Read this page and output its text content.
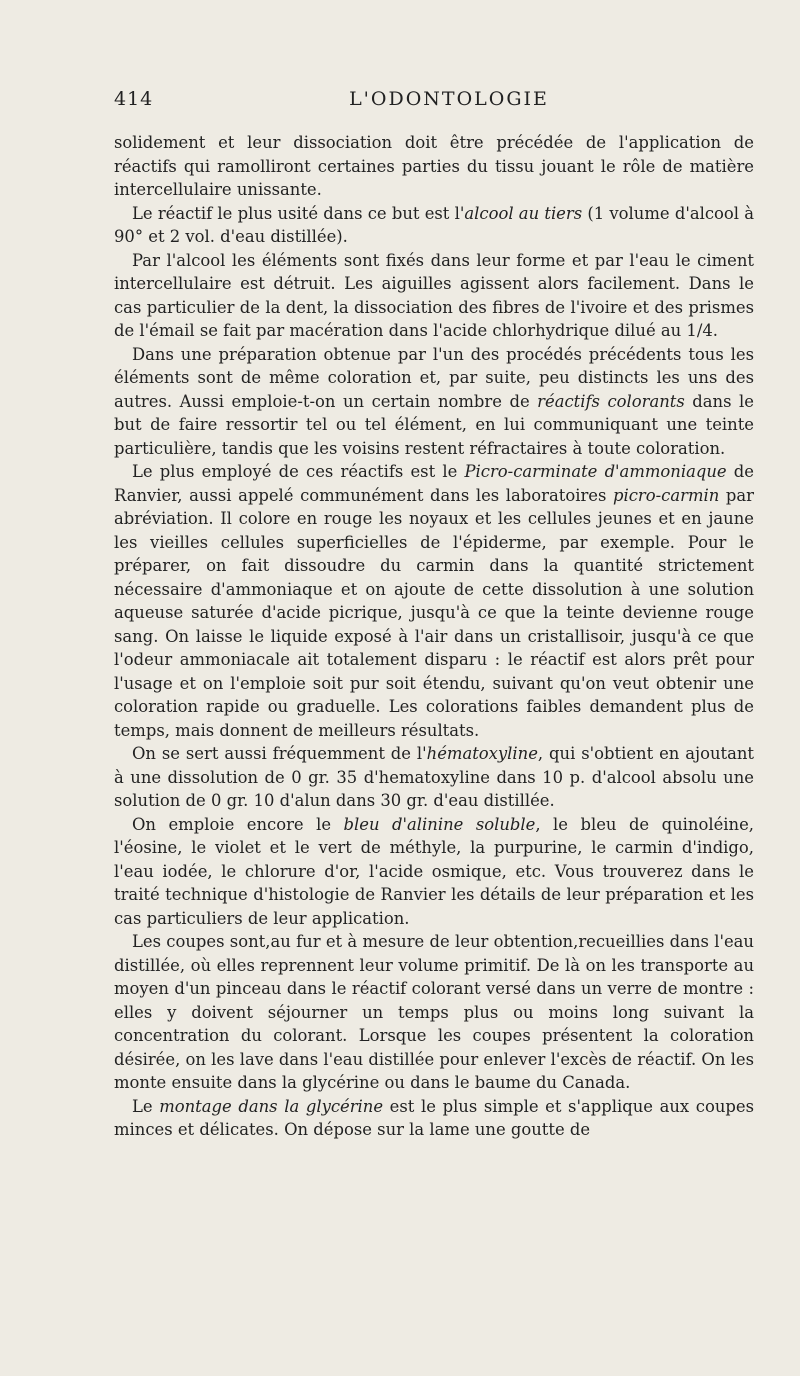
414	L'ODONTOLOGIE

solidement et leur dissociation doit être précédée de l'application de réactifs qui ramolliront certaines parties du tissu jouant le rôle de matière intercellulaire unissante.

Le réactif le plus usité dans ce but est l'alcool au tiers (1 volume d'alcool à 90° et 2 vol. d'eau distillée).

Par l'alcool les éléments sont fixés dans leur forme et par l'eau le ciment intercellulaire est détruit. Les aiguilles agissent alors facilement. Dans le cas particulier de la dent, la dissociation des fibres de l'ivoire et des prismes de l'émail se fait par macération dans l'acide chlorhydrique dilué au 1/4.

Dans une préparation obtenue par l'un des procédés précédents tous les éléments sont de même coloration et, par suite, peu distincts les uns des autres. Aussi emploie-t-on un certain nombre de réactifs colorants dans le but de faire ressortir tel ou tel élément, en lui communiquant une teinte particulière, tandis que les voisins restent réfractaires à toute coloration.

Le plus employé de ces réactifs est le Picro-carminate d'ammoniaque de Ranvier, aussi appelé communément dans les laboratoires picro-carmin par abréviation. Il colore en rouge les noyaux et les cellules jeunes et en jaune les vieilles cellules superficielles de l'épiderme, par exemple. Pour le préparer, on fait dissoudre du carmin dans la quantité strictement nécessaire d'ammoniaque et on ajoute de cette dissolution à une solution aqueuse saturée d'acide picrique, jusqu'à ce que la teinte devienne rouge sang. On laisse le liquide exposé à l'air dans un cristallisoir, jusqu'à ce que l'odeur ammoniacale ait totalement disparu : le réactif est alors prêt pour l'usage et on l'emploie soit pur soit étendu, suivant qu'on veut obtenir une coloration rapide ou graduelle. Les colorations faibles demandent plus de temps, mais donnent de meilleurs résultats.

On se sert aussi fréquemment de l'hématoxyline, qui s'obtient en ajoutant à une dissolution de 0 gr. 35 d'hematoxyline dans 10 p. d'alcool absolu une solution de 0 gr. 10 d'alun dans 30 gr. d'eau distillée.

On emploie encore le bleu d'alinine soluble, le bleu de quinoléine, l'éosine, le violet et le vert de méthyle, la purpurine, le carmin d'indigo, l'eau iodée, le chlorure d'or, l'acide osmique, etc. Vous trouverez dans le traité technique d'histologie de Ranvier les détails de leur préparation et les cas particuliers de leur application.

Les coupes sont,au fur et à mesure de leur obtention,recueillies dans l'eau distillée, où elles reprennent leur volume primitif. De là on les transporte au moyen d'un pinceau dans le réactif colorant versé dans un verre de montre : elles y doivent séjourner un temps plus ou moins long suivant la concentration du colorant. Lorsque les coupes présentent la coloration désirée, on les lave dans l'eau distillée pour enlever l'excès de réactif. On les monte ensuite dans la glycérine ou dans le baume du Canada.

Le montage dans la glycérine est le plus simple et s'applique aux coupes minces et délicates. On dépose sur la lame une goutte de
